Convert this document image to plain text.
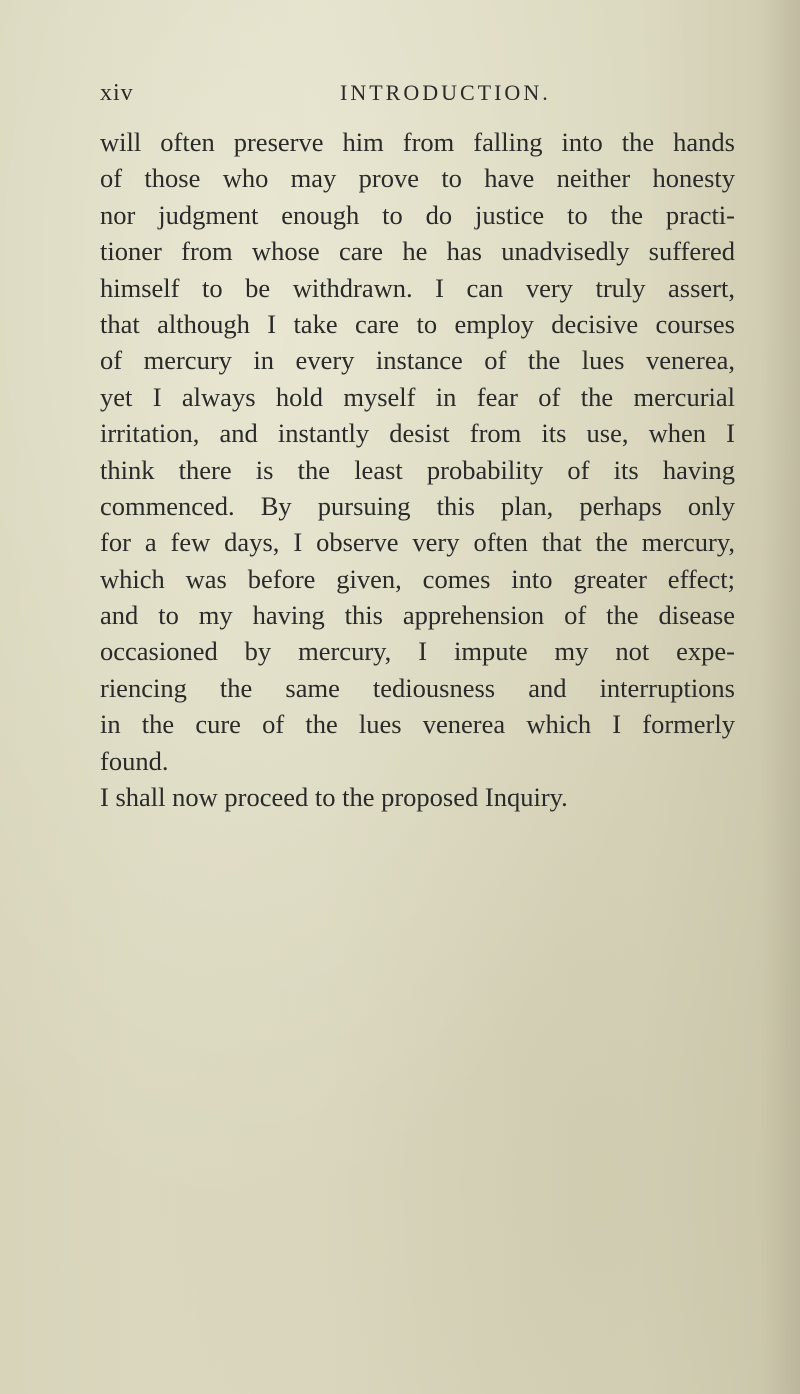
xiv	INTRODUCTION.
will often preserve him from falling into the hands
of those who may prove to have neither honesty
nor judgment enough to do justice to the practi-
tioner from whose care he has unadvisedly suffered
himself to be withdrawn. I can very truly assert,
that although I take care to employ decisive courses
of mercury in every instance of the lues venerea,
yet I always hold myself in fear of the mercurial
irritation, and instantly desist from its use, when I
think there is the least probability of its having
commenced. By pursuing this plan, perhaps only
for a few days, I observe very often that the mercury,
which was before given, comes into greater effect;
and to my having this apprehension of the disease
occasioned by mercury, I impute my not expe-
riencing the same tediousness and interruptions
in the cure of the lues venerea which I formerly
found.
I shall now proceed to the proposed Inquiry.
